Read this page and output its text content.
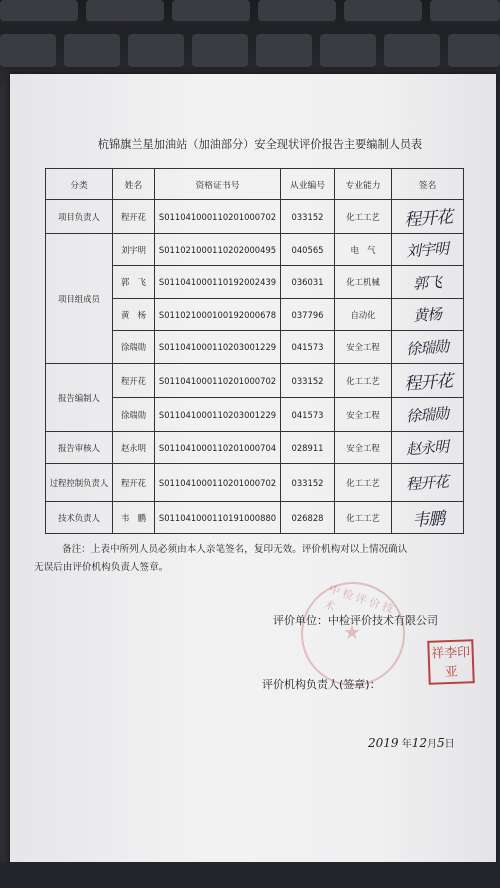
杭锦旗兰星加油站（加油部分）安全现状评价报告主要编制人员表
分类	姓名	资格证书号	从业编号	专业能力	签名
项目负责人	程开花	S011041000110201000702	033152	化工工艺	程开花
项目组成员	刘宇明	S011021000110202000495	040565	电　气	刘宇明
	郭　飞	S011041000110192002439	036031	化工机械	郭飞
	黄　杨	S011021000100192000678	037796	自动化	黄杨
	徐瑞勋	S011041000110203001229	041573	安全工程	徐瑞勋
报告编制人	程开花	S011041000110201000702	033152	化工工艺	程开花
	徐瑞勋	S011041000110203001229	041573	安全工程	徐瑞勋
报告审核人	赵永明	S011041000110201000704	028911	安全工程	赵永明
过程控制负责人	程开花	S011041000110201000702	033152	化工工艺	程开花
技术负责人	韦　鹏	S011041000110191000880	026828	化工工艺	韦鹏
备注：上表中所列人员必须由本人亲笔签名，复印无效。评价机构对以上情况确认
无误后由评价机构负责人签章。
中检评价技术
★
评价单位：中检评价技术有限公司
评价机构负责人(签章)：
祥李印亚
2019 年12月5日
